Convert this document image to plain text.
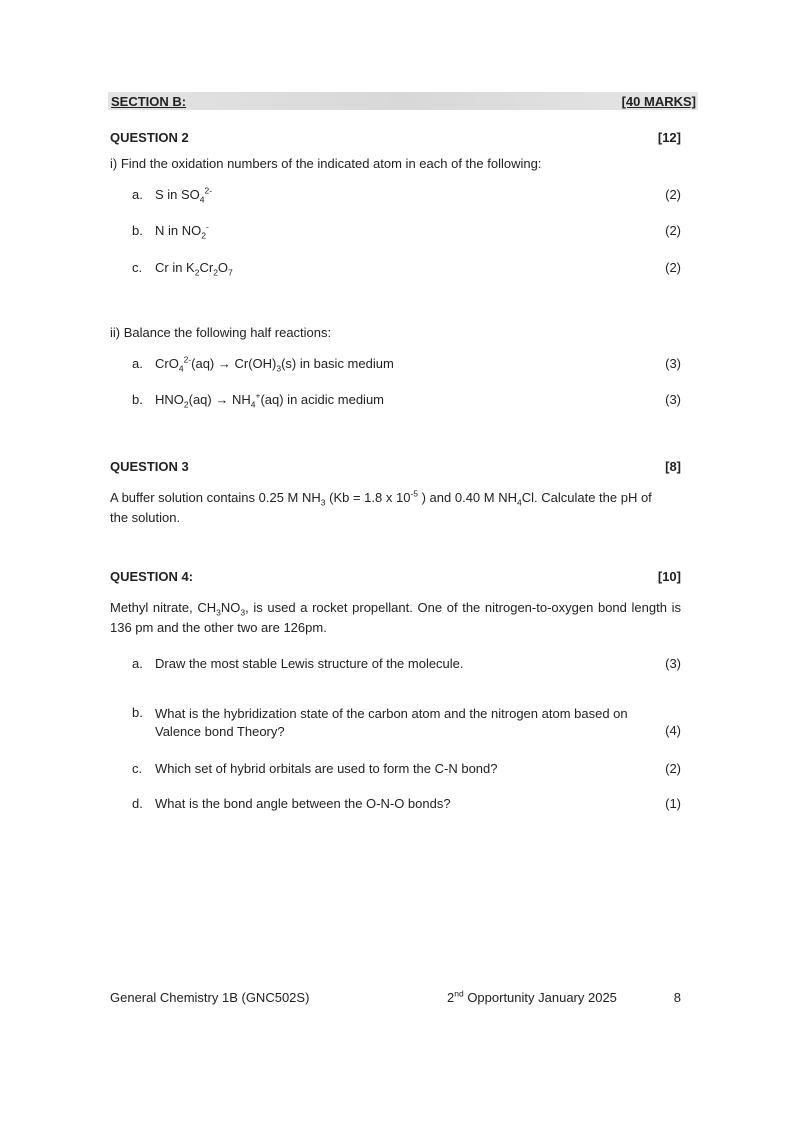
SECTION B:	[40 MARKS]
QUESTION 2	[12]
i) Find the oxidation numbers of the indicated atom in each of the following:
a. S in $SO_4^{2-}$	(2)
b. N in $NO_2^-$	(2)
c. Cr in $K_2Cr_2O_7$	(2)
ii) Balance the following half reactions:
a. $CrO_4^{2-}(aq) \to Cr(OH)_3(s)$ in basic medium	(3)
b. $HNO_2(aq) \to NH_4^+(aq)$ in acidic medium	(3)
QUESTION 3	[8]
A buffer solution contains 0.25 M $NH_3$ (Kb = 1.8 x $10^{-5}$ ) and 0.40 M $NH_4Cl$. Calculate the pH of the solution.
QUESTION 4:	[10]
Methyl nitrate, $CH_3NO_3$, is used a rocket propellant. One of the nitrogen-to-oxygen bond length is 136 pm and the other two are 126pm.
a. Draw the most stable Lewis structure of the molecule.	(3)
b. What is the hybridization state of the carbon atom and the nitrogen atom based on Valence bond Theory?	(4)
c. Which set of hybrid orbitals are used to form the C-N bond?	(2)
d. What is the bond angle between the O-N-O bonds?	(1)
General Chemistry 1B (GNC502S)	2nd Opportunity January 2025	8
